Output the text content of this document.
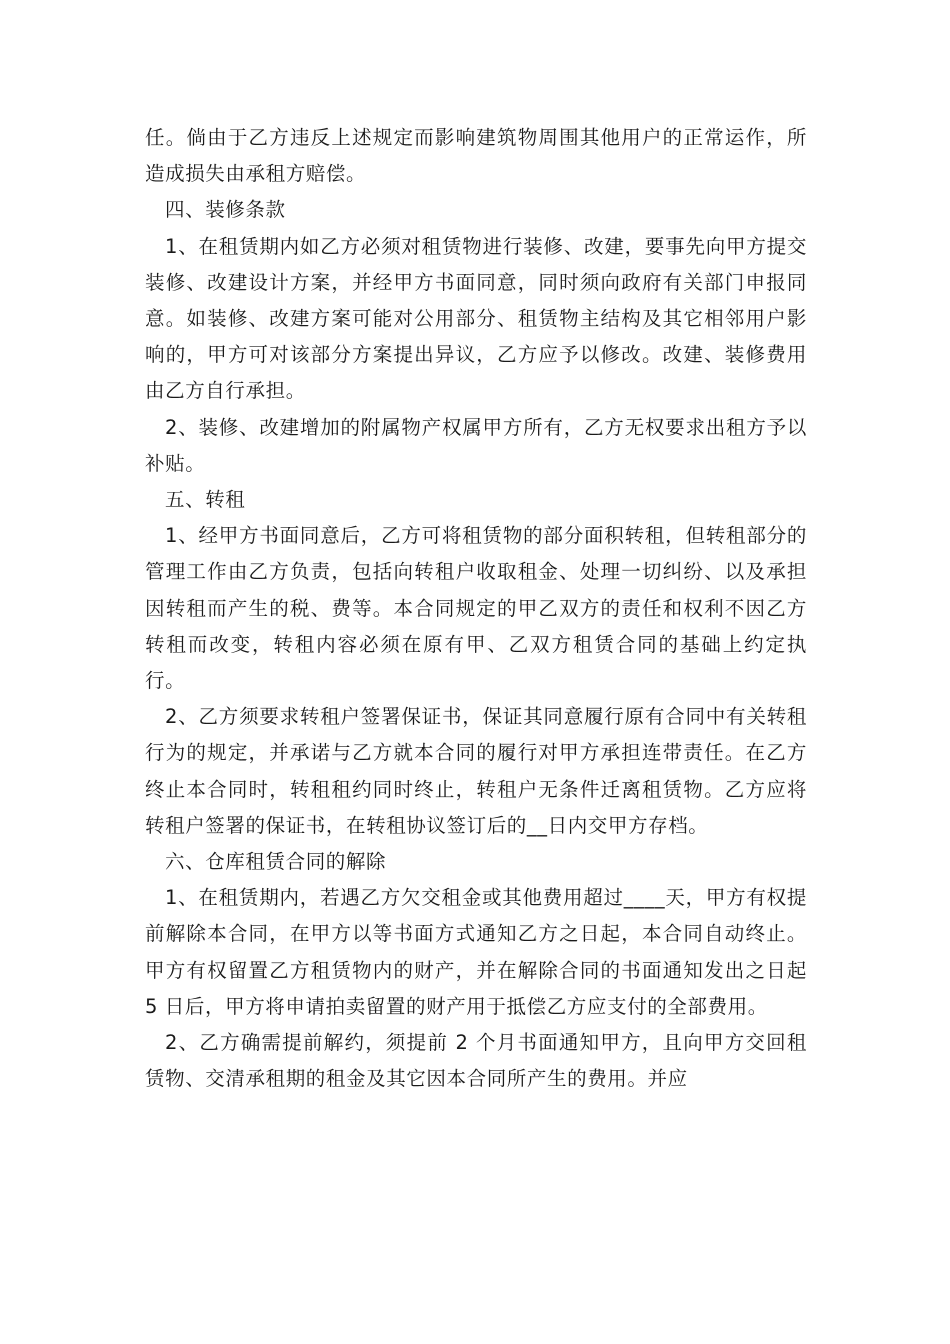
任。倘由于乙方违反上述规定而影响建筑物周围其他用户的正常运作，所造成损失由承租方赔偿。

四、装修条款

1、在租赁期内如乙方必须对租赁物进行装修、改建，要事先向甲方提交装修、改建设计方案，并经甲方书面同意，同时须向政府有关部门申报同意。如装修、改建方案可能对公用部分、租赁物主结构及其它相邻用户影响的，甲方可对该部分方案提出异议，乙方应予以修改。改建、装修费用由乙方自行承担。

2、装修、改建增加的附属物产权属甲方所有，乙方无权要求出租方予以补贴。

五、转租

1、经甲方书面同意后，乙方可将租赁物的部分面积转租，但转租部分的管理工作由乙方负责，包括向转租户收取租金、处理一切纠纷、以及承担因转租而产生的税、费等。本合同规定的甲乙双方的责任和权利不因乙方转租而改变，转租内容必须在原有甲、乙双方租赁合同的基础上约定执行。

2、乙方须要求转租户签署保证书，保证其同意履行原有合同中有关转租行为的规定，并承诺与乙方就本合同的履行对甲方承担连带责任。在乙方终止本合同时，转租租约同时终止，转租户无条件迁离租赁物。乙方应将转租户签署的保证书，在转租协议签订后的__日内交甲方存档。

六、仓库租赁合同的解除

1、在租赁期内，若遇乙方欠交租金或其他费用超过____天，甲方有权提前解除本合同，在甲方以等书面方式通知乙方之日起，本合同自动终止。甲方有权留置乙方租赁物内的财产，并在解除合同的书面通知发出之日起 5 日后，甲方将申请拍卖留置的财产用于抵偿乙方应支付的全部费用。

2、乙方确需提前解约，须提前 2 个月书面通知甲方，且向甲方交回租赁物、交清承租期的租金及其它因本合同所产生的费用。并应
